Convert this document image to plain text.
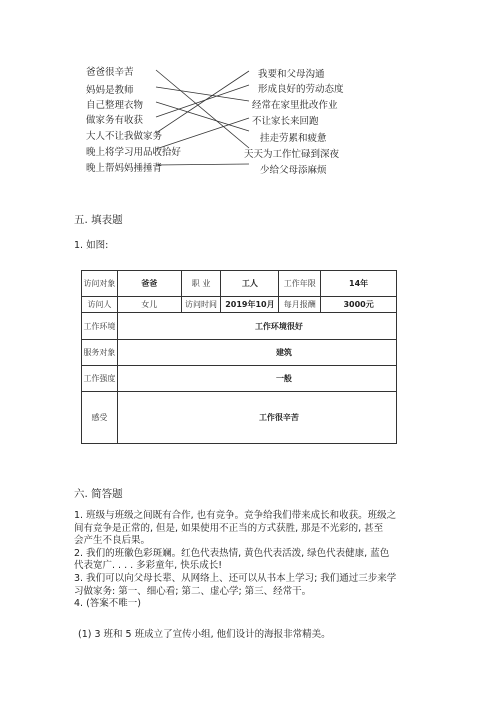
爸爸很辛苦
妈妈是教师
自己整理衣物
做家务有收获
大人不让我做家务
晚上将学习用品收拾好
晚上帮妈妈捶捶背
我要和父母沟通
形成良好的劳动态度
经常在家里批改作业
不让家长来回跑
挂走劳累和疲惫
天天为工作忙碌到深夜
少给父母添麻烦
五. 填表题
1. 如图:
访问对象	爸爸	职 业	工人	工作年限	14年
访问人	女儿	访问时间	2019年10月	每月报酬	3000元
工作环境	工作环境很好				
服务对象	建筑				
工作强度	一般				
感受	工作很辛苦				
六. 简答题
1. 班级与班级之间既有合作, 也有竞争。竞争给我们带来成长和收获。班级之
间有竞争是正常的, 但是, 如果使用不正当的方式获胜, 那是不光彩的, 甚至
会产生不良后果。
2. 我们的班徽色彩斑斓。红色代表热情, 黄色代表活泼, 绿色代表健康, 蓝色
代表宽广. . . . 多彩童年, 快乐成长!
3. 我们可以向父母长辈、从网络上、还可以从书本上学习; 我们通过三步来学
习做家务: 第一、细心看; 第二、虚心学; 第三、经常干。
4. (答案不唯一)
(1) 3 班和 5 班成立了宣传小组, 他们设计的海报非常精美。
